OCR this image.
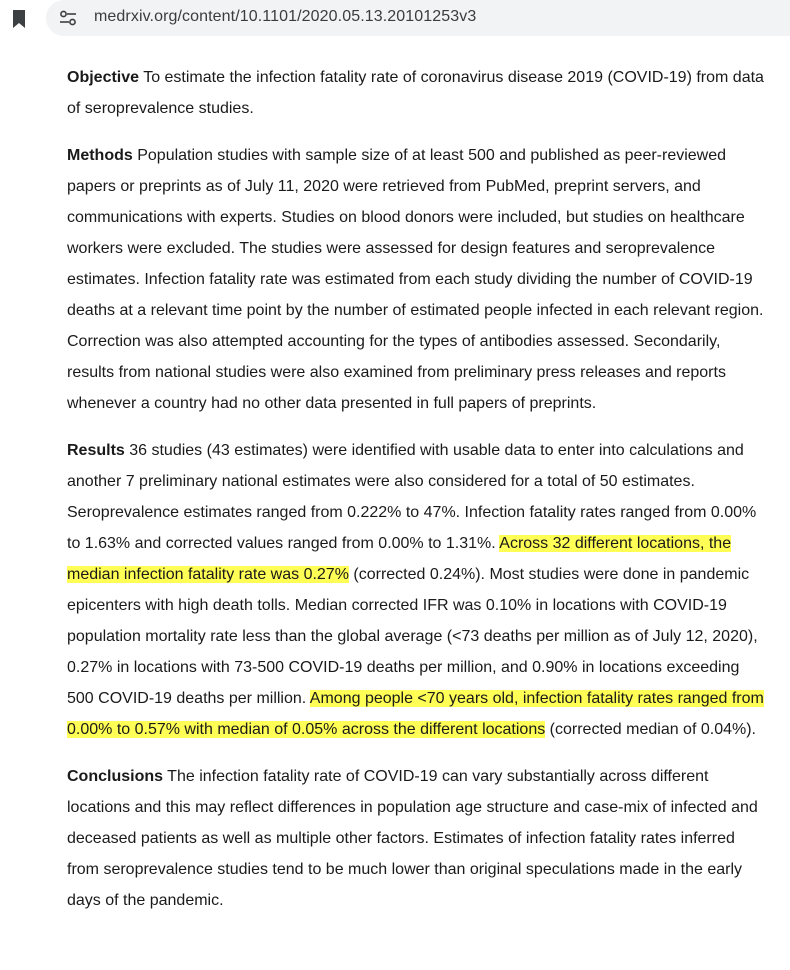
medrxiv.org/content/10.1101/2020.05.13.20101253v3

Objective To estimate the infection fatality rate of coronavirus disease 2019 (COVID-19) from data of seroprevalence studies.

Methods Population studies with sample size of at least 500 and published as peer-reviewed papers or preprints as of July 11, 2020 were retrieved from PubMed, preprint servers, and communications with experts. Studies on blood donors were included, but studies on healthcare workers were excluded. The studies were assessed for design features and seroprevalence estimates. Infection fatality rate was estimated from each study dividing the number of COVID-19 deaths at a relevant time point by the number of estimated people infected in each relevant region. Correction was also attempted accounting for the types of antibodies assessed. Secondarily, results from national studies were also examined from preliminary press releases and reports whenever a country had no other data presented in full papers of preprints.

Results 36 studies (43 estimates) were identified with usable data to enter into calculations and another 7 preliminary national estimates were also considered for a total of 50 estimates. Seroprevalence estimates ranged from 0.222% to 47%. Infection fatality rates ranged from 0.00% to 1.63% and corrected values ranged from 0.00% to 1.31%. Across 32 different locations, the median infection fatality rate was 0.27% (corrected 0.24%). Most studies were done in pandemic epicenters with high death tolls. Median corrected IFR was 0.10% in locations with COVID-19 population mortality rate less than the global average (<73 deaths per million as of July 12, 2020), 0.27% in locations with 73-500 COVID-19 deaths per million, and 0.90% in locations exceeding 500 COVID-19 deaths per million. Among people <70 years old, infection fatality rates ranged from 0.00% to 0.57% with median of 0.05% across the different locations (corrected median of 0.04%).

Conclusions The infection fatality rate of COVID-19 can vary substantially across different locations and this may reflect differences in population age structure and case-mix of infected and deceased patients as well as multiple other factors. Estimates of infection fatality rates inferred from seroprevalence studies tend to be much lower than original speculations made in the early days of the pandemic.
